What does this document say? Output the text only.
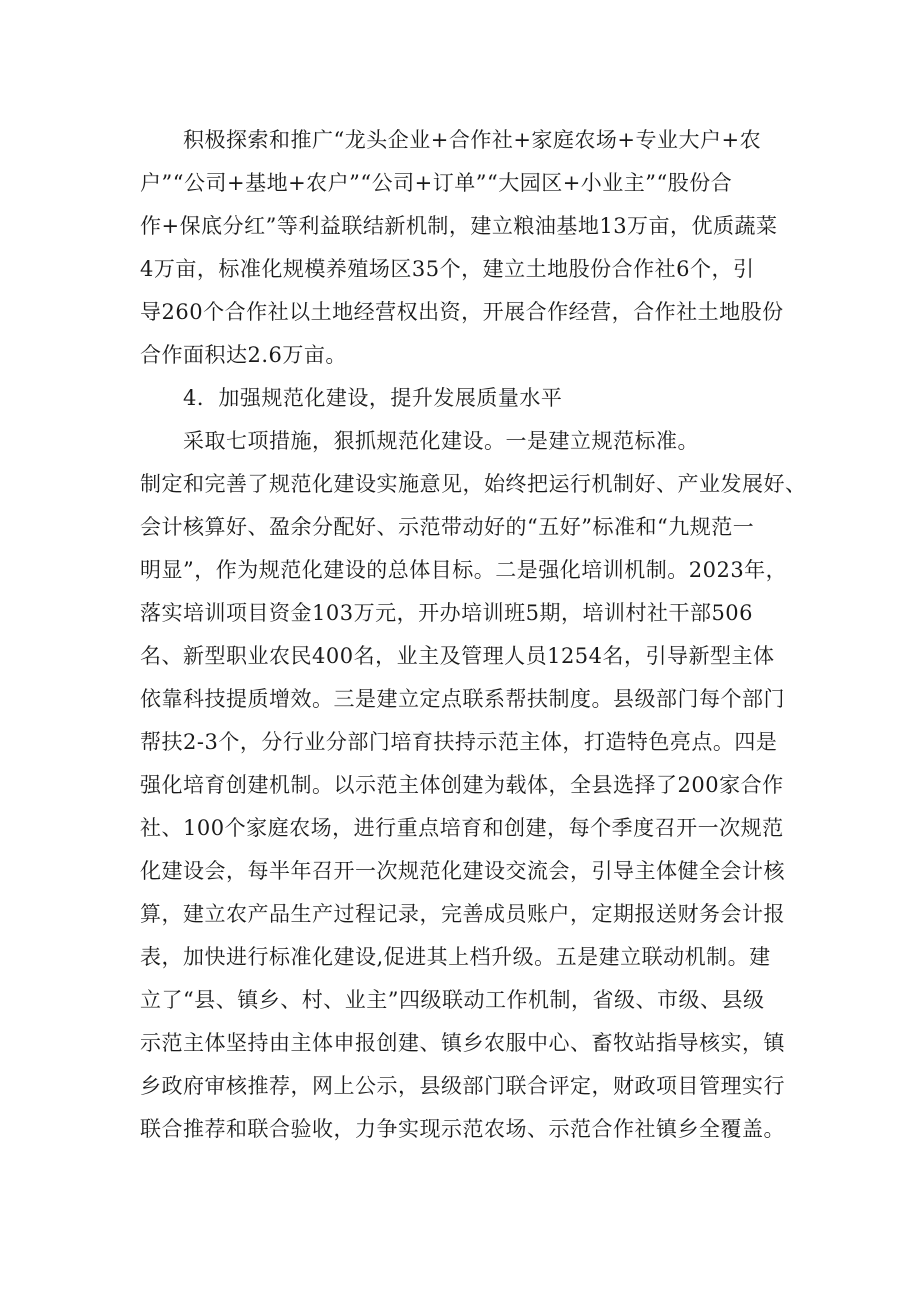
积极探索和推广“龙头企业+合作社+家庭农场+专业大户+农
户”“公司+基地+农户”“公司+订单”“大园区+小业主”“股份合
作+保底分红”等利益联结新机制，建立粮油基地13万亩，优质蔬菜
4万亩，标准化规模养殖场区35个，建立土地股份合作社6个，引
导260个合作社以土地经营权出资，开展合作经营，合作社土地股份
合作面积达2.6万亩。
4．加强规范化建设，提升发展质量水平
采取七项措施，狠抓规范化建设。一是建立规范标准。
制定和完善了规范化建设实施意见，始终把运行机制好、产业发展好、
会计核算好、盈余分配好、示范带动好的“五好”标准和“九规范一
明显”，作为规范化建设的总体目标。二是强化培训机制。2023年，
落实培训项目资金103万元，开办培训班5期，培训村社干部506
名、新型职业农民400名，业主及管理人员1254名，引导新型主体
依靠科技提质增效。三是建立定点联系帮扶制度。县级部门每个部门
帮扶2-3个，分行业分部门培育扶持示范主体，打造特色亮点。四是
强化培育创建机制。以示范主体创建为载体，全县选择了200家合作
社、100个家庭农场，进行重点培育和创建，每个季度召开一次规范
化建设会，每半年召开一次规范化建设交流会，引导主体健全会计核
算，建立农产品生产过程记录，完善成员账户，定期报送财务会计报
表，加快进行标准化建设,促进其上档升级。五是建立联动机制。建
立了“县、镇乡、村、业主”四级联动工作机制，省级、市级、县级
示范主体坚持由主体申报创建、镇乡农服中心、畜牧站指导核实，镇
乡政府审核推荐，网上公示，县级部门联合评定，财政项目管理实行
联合推荐和联合验收，力争实现示范农场、示范合作社镇乡全覆盖。
